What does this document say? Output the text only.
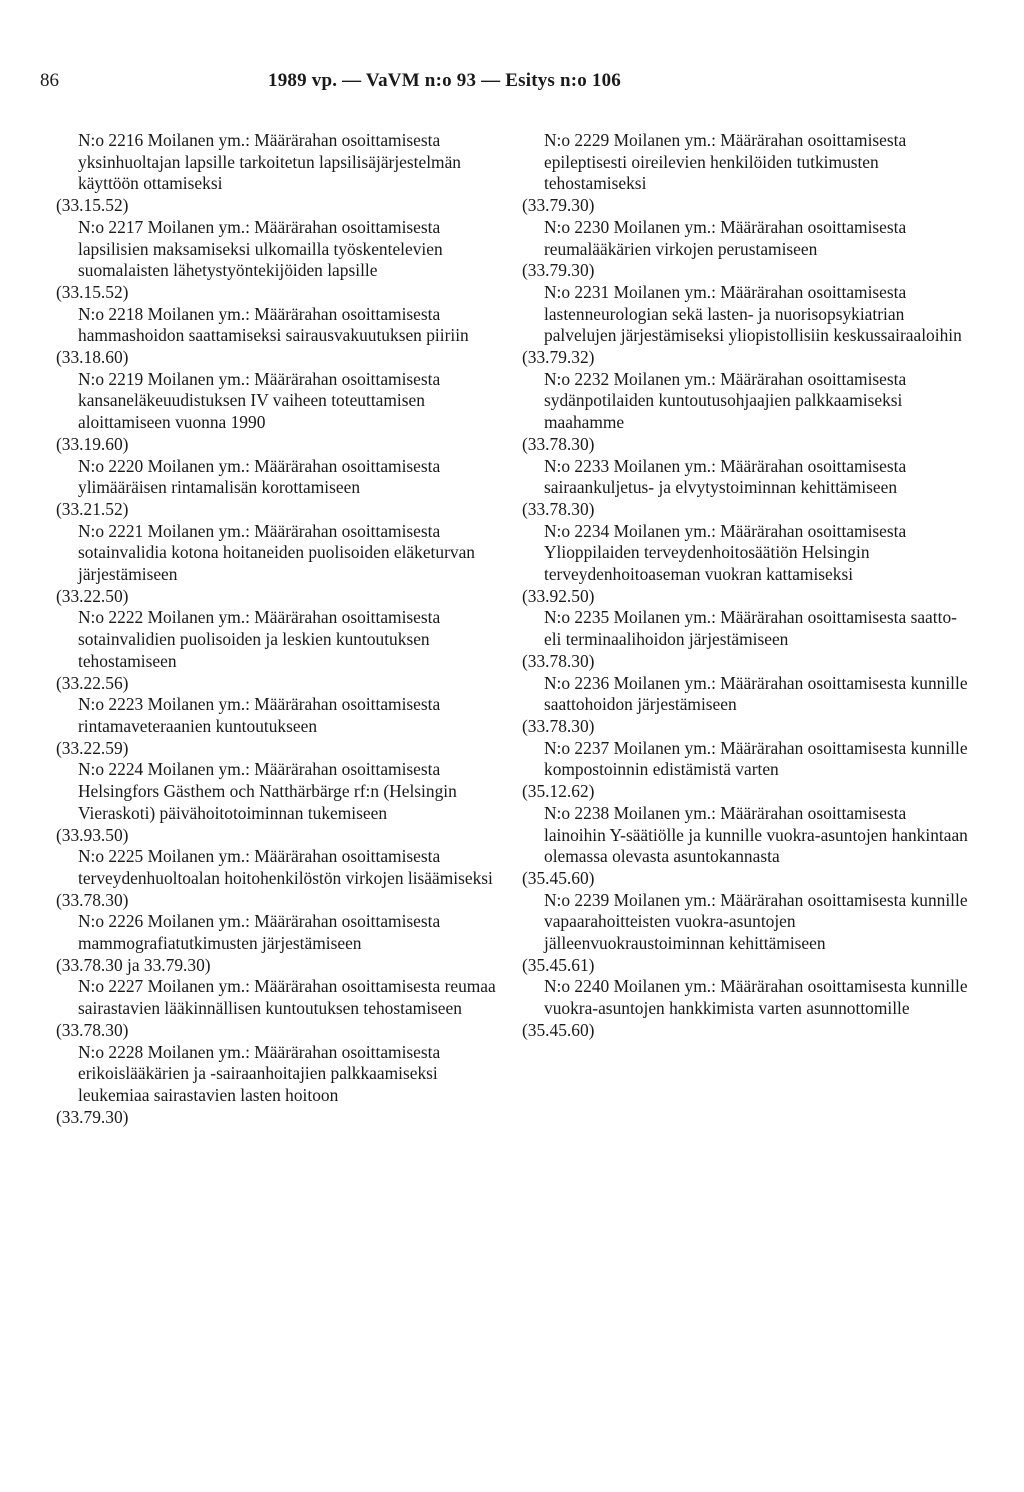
86	1989 vp. — VaVM n:o 93 — Esitys n:o 106
N:o 2216 Moilanen ym.: Määrärahan osoittamisesta yksinhuoltajan lapsille tarkoitetun lapsilisäjärjestelmän käyttöön ottamiseksi
(33.15.52)
N:o 2217 Moilanen ym.: Määrärahan osoittamisesta lapsilisien maksamiseksi ulkomailla työskentelevien suomalaisten lähetystyöntekijöiden lapsille
(33.15.52)
N:o 2218 Moilanen ym.: Määrärahan osoittamisesta hammashoidon saattamiseksi sairausvakuutuksen piiriin
(33.18.60)
N:o 2219 Moilanen ym.: Määrärahan osoittamisesta kansaneläkeuudistuksen IV vaiheen toteuttamisen aloittamiseen vuonna 1990
(33.19.60)
N:o 2220 Moilanen ym.: Määrärahan osoittamisesta ylimääräisen rintamalisän korottamiseen
(33.21.52)
N:o 2221 Moilanen ym.: Määrärahan osoittamisesta sotainvalidia kotona hoitaneiden puolisoiden eläketurvan järjestämiseen
(33.22.50)
N:o 2222 Moilanen ym.: Määrärahan osoittamisesta sotainvalidien puolisoiden ja leskien kuntoutuksen tehostamiseen
(33.22.56)
N:o 2223 Moilanen ym.: Määrärahan osoittamisesta rintamaveteraanien kuntoutukseen
(33.22.59)
N:o 2224 Moilanen ym.: Määrärahan osoittamisesta Helsingfors Gästhem och Natthärbärge rf:n (Helsingin Vieraskoti) päivähoitotoiminnan tukemiseen
(33.93.50)
N:o 2225 Moilanen ym.: Määrärahan osoittamisesta terveydenhuoltoalan hoitohenkilöstön virkojen lisäämiseksi
(33.78.30)
N:o 2226 Moilanen ym.: Määrärahan osoittamisesta mammografiatutkimusten järjestämiseen
(33.78.30 ja 33.79.30)
N:o 2227 Moilanen ym.: Määrärahan osoittamisesta reumaa sairastavien lääkinnällisen kuntoutuksen tehostamiseen
(33.78.30)
N:o 2228 Moilanen ym.: Määrärahan osoittamisesta erikoislääkärien ja -sairaanhoitajien palkkaamiseksi leukemiaa sairastavien lasten hoitoon
(33.79.30)
N:o 2229 Moilanen ym.: Määrärahan osoittamisesta epileptisesti oireilevien henkilöiden tutkimusten tehostamiseksi
(33.79.30)
N:o 2230 Moilanen ym.: Määrärahan osoittamisesta reumalääkärien virkojen perustamiseen
(33.79.30)
N:o 2231 Moilanen ym.: Määrärahan osoittamisesta lastenneurologian sekä lasten- ja nuorisopsykiatrian palvelujen järjestämiseksi yliopistollisiin keskussairaaloihin
(33.79.32)
N:o 2232 Moilanen ym.: Määrärahan osoittamisesta sydänpotilaiden kuntoutusohjaajien palkkaamiseksi maahamme
(33.78.30)
N:o 2233 Moilanen ym.: Määrärahan osoittamisesta sairaankuljetus- ja elvytystoiminnan kehittämiseen
(33.78.30)
N:o 2234 Moilanen ym.: Määrärahan osoittamisesta Ylioppilaiden terveydenhoitosäätiön Helsingin terveydenhoitoaseman vuokran kattamiseksi
(33.92.50)
N:o 2235 Moilanen ym.: Määrärahan osoittamisesta saatto- eli terminaalihoidon järjestämiseen
(33.78.30)
N:o 2236 Moilanen ym.: Määrärahan osoittamisesta kunnille saattohoidon järjestämiseen
(33.78.30)
N:o 2237 Moilanen ym.: Määrärahan osoittamisesta kunnille kompostoinnin edistämistä varten
(35.12.62)
N:o 2238 Moilanen ym.: Määrärahan osoittamisesta lainoihin Y-säätiölle ja kunnille vuokra-asuntojen hankintaan olemassa olevasta asuntokannasta
(35.45.60)
N:o 2239 Moilanen ym.: Määrärahan osoittamisesta kunnille vapaarahoitteisten vuokra-asuntojen jälleenvuokraustoiminnan kehittämiseen
(35.45.61)
N:o 2240 Moilanen ym.: Määrärahan osoittamisesta kunnille vuokra-asuntojen hankkimista varten asunnottomille
(35.45.60)
